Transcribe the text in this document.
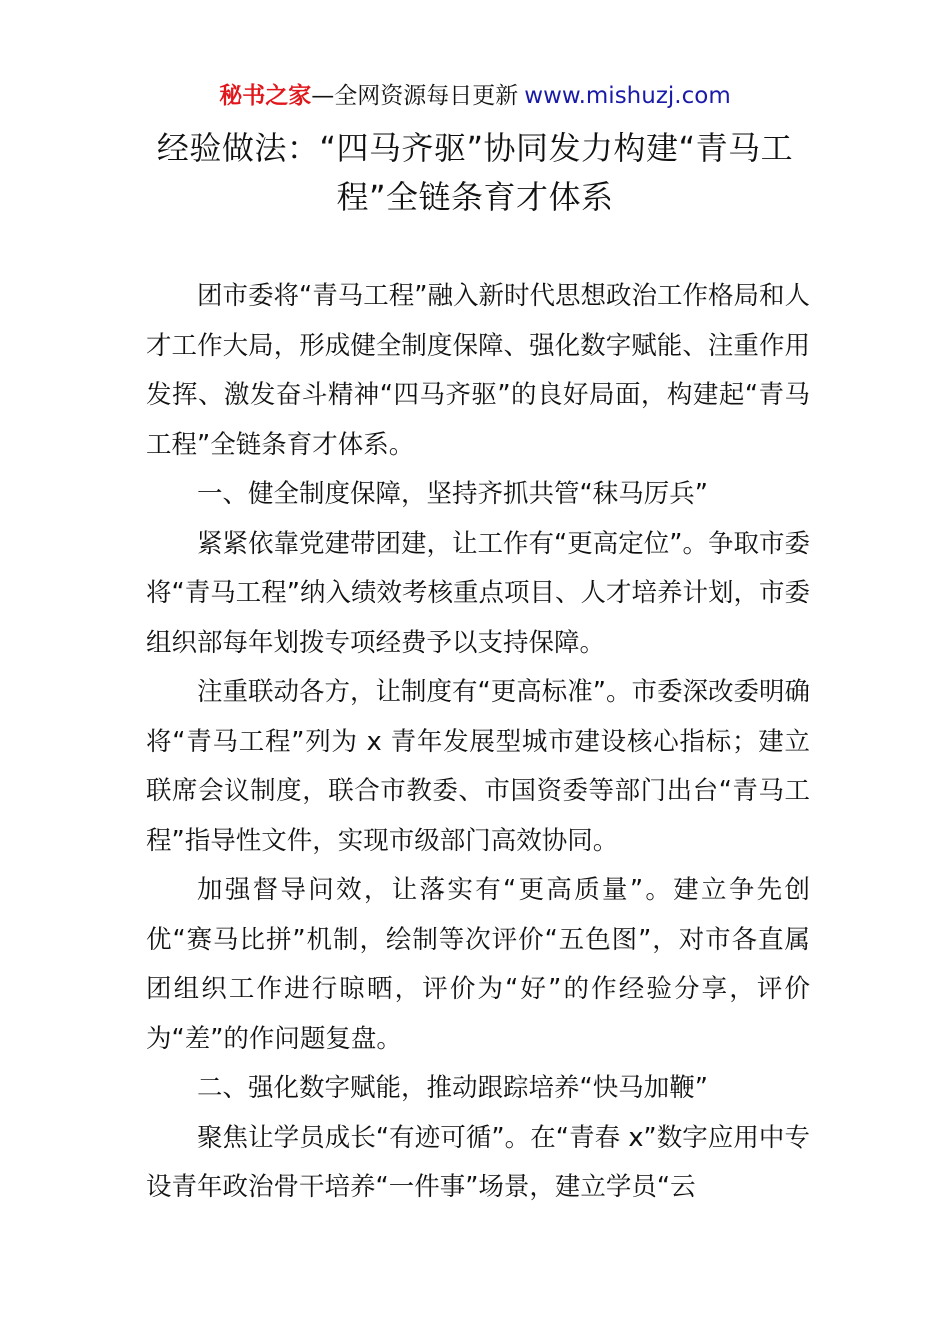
秘书之家—全网资源每日更新 www.mishuzj.com
经验做法：“四马齐驱”协同发力构建“青马工程”全链条育才体系

团市委将“青马工程”融入新时代思想政治工作格局和人才工作大局，形成健全制度保障、强化数字赋能、注重作用发挥、激发奋斗精神“四马齐驱”的良好局面，构建起“青马工程”全链条育才体系。

一、健全制度保障，坚持齐抓共管“秣马厉兵”

紧紧依靠党建带团建，让工作有“更高定位”。争取市委将“青马工程”纳入绩效考核重点项目、人才培养计划，市委组织部每年划拨专项经费予以支持保障。

注重联动各方，让制度有“更高标准”。市委深改委明确将“青马工程”列为 x 青年发展型城市建设核心指标；建立联席会议制度，联合市教委、市国资委等部门出台“青马工程”指导性文件，实现市级部门高效协同。

加强督导问效，让落实有“更高质量”。建立争先创优“赛马比拼”机制，绘制等次评价“五色图”，对市各直属团组织工作进行晾晒，评价为“好”的作经验分享，评价为“差”的作问题复盘。

二、强化数字赋能，推动跟踪培养“快马加鞭”

聚焦让学员成长“有迹可循”。在“青春 x”数字应用中专设青年政治骨干培养“一件事”场景，建立学员“云
